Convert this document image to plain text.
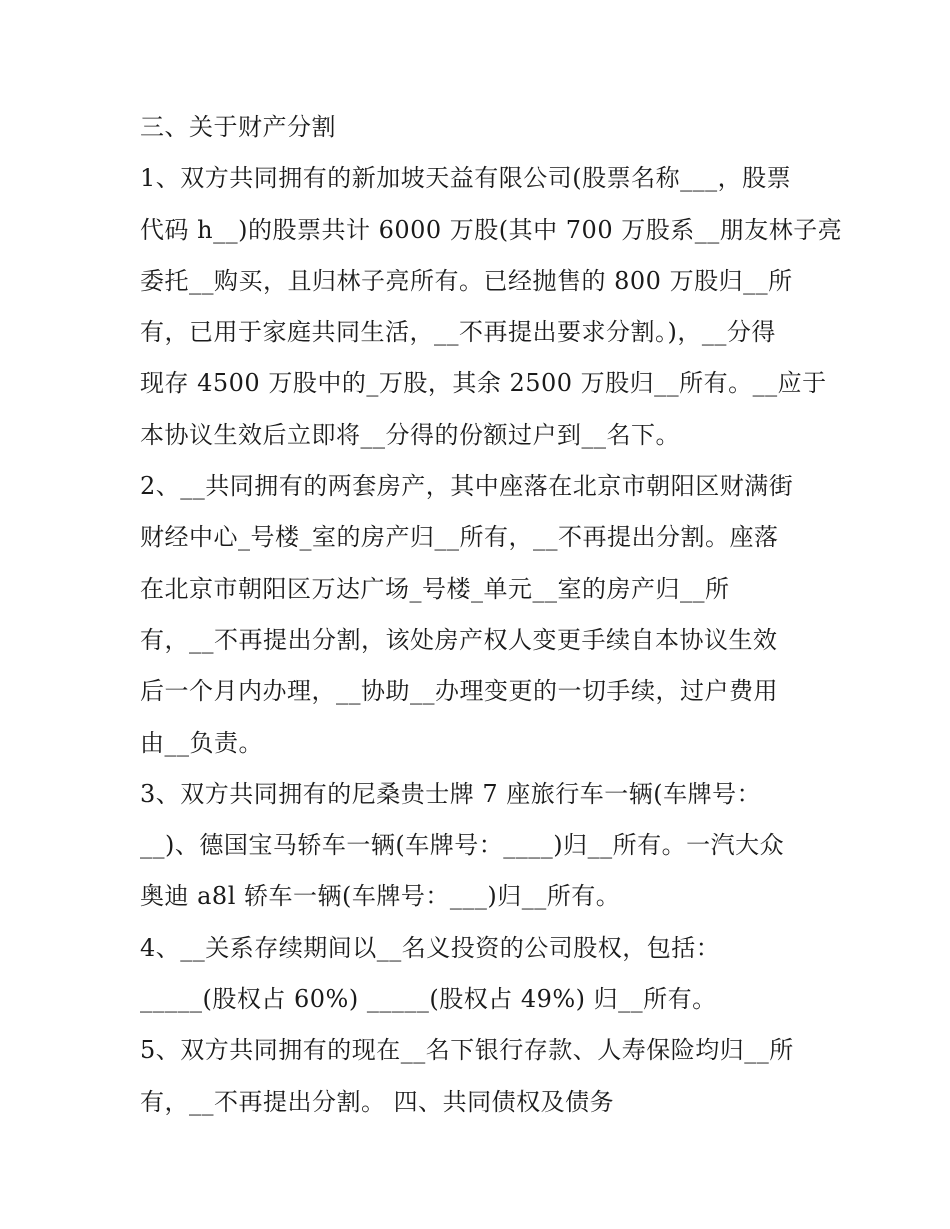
三、关于财产分割
1、双方共同拥有的新加坡天益有限公司(股票名称___，股票
代码 h__)的股票共计 6000 万股(其中 700 万股系__朋友林子亮
委托__购买，且归林子亮所有。已经抛售的 800 万股归__所
有，已用于家庭共同生活，__不再提出要求分割。)，__分得
现存 4500 万股中的_万股，其余 2500 万股归__所有。__应于
本协议生效后立即将__分得的份额过户到__名下。
2、__共同拥有的两套房产，其中座落在北京市朝阳区财满街
财经中心_号楼_室的房产归__所有，__不再提出分割。座落
在北京市朝阳区万达广场_号楼_单元__室的房产归__所
有，__不再提出分割，该处房产权人变更手续自本协议生效
后一个月内办理，__协助__办理变更的一切手续，过户费用
由__负责。
3、双方共同拥有的尼桑贵士牌 7 座旅行车一辆(车牌号：
__)、德国宝马轿车一辆(车牌号：____)归__所有。一汽大众
奥迪 a8l 轿车一辆(车牌号：___)归__所有。
4、__关系存续期间以__名义投资的公司股权，包括：
_____(股权占 60%) _____(股权占 49%) 归__所有。
5、双方共同拥有的现在__名下银行存款、人寿保险均归__所
有，__不再提出分割。 四、共同债权及债务
